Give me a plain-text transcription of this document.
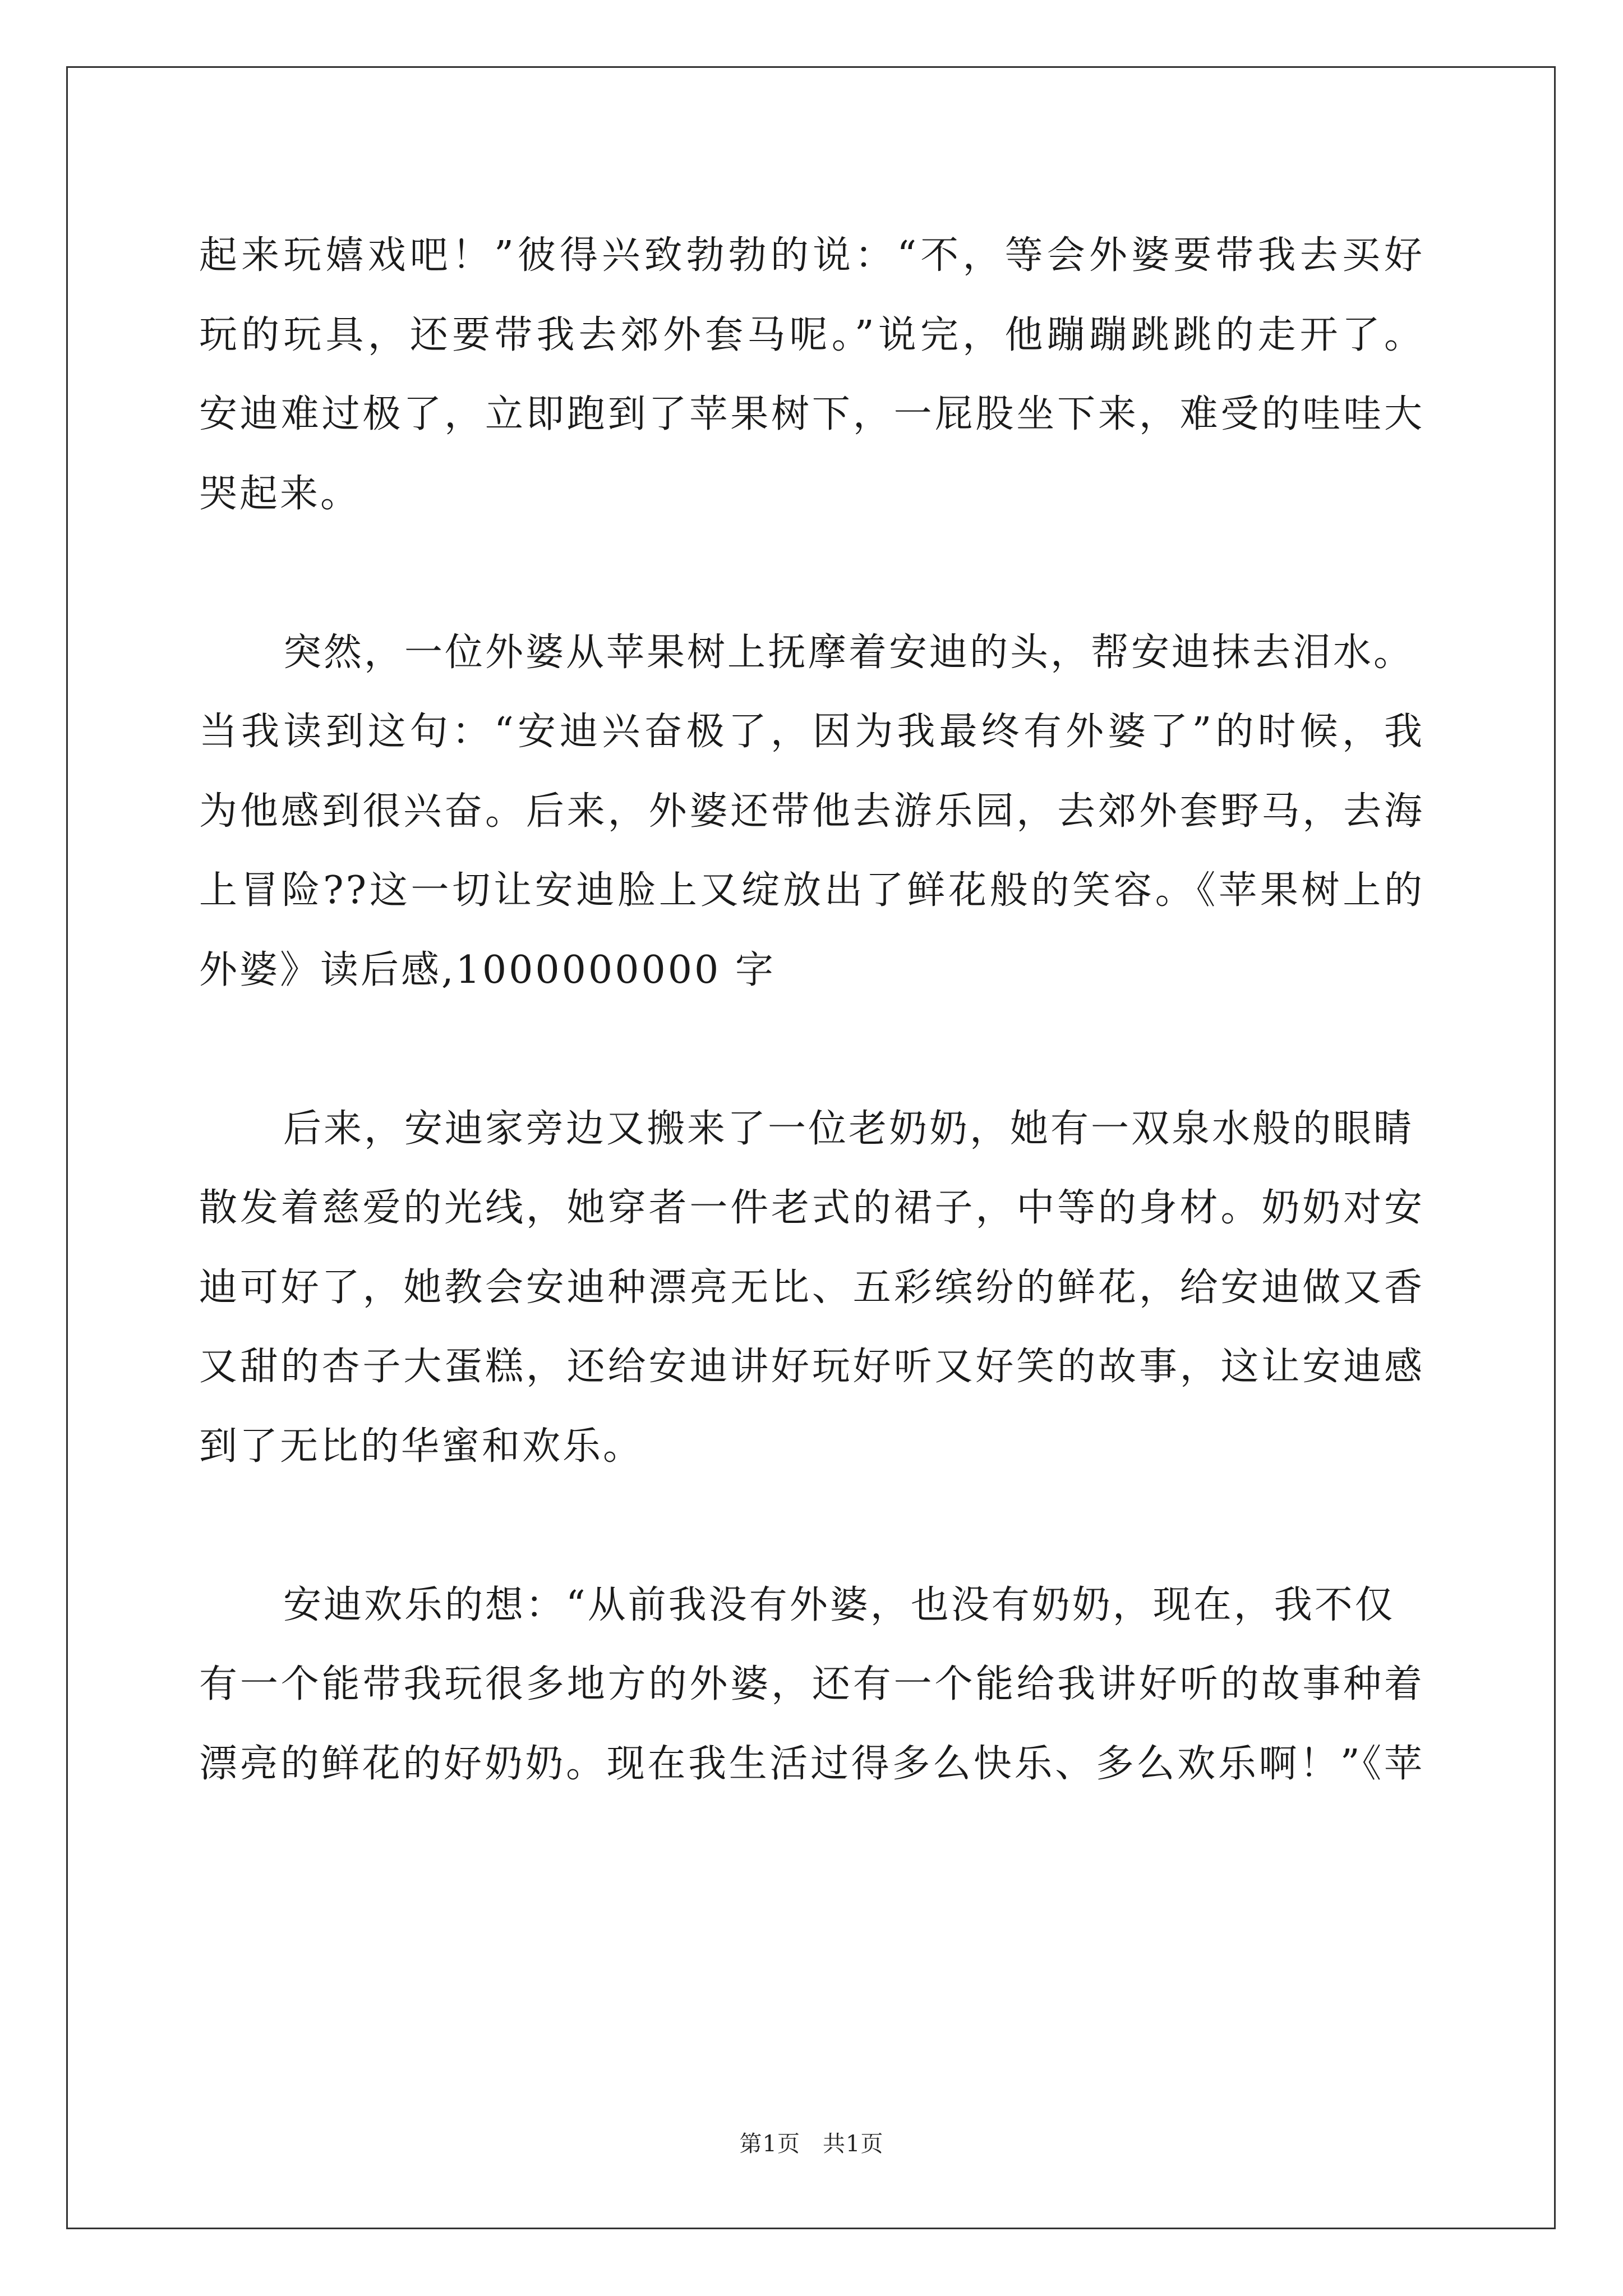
起来玩嬉戏吧！”彼得兴致勃勃的说：“不，等会外婆要带我去买好
玩的玩具，还要带我去郊外套马呢。”说完，他蹦蹦跳跳的走开了。
安迪难过极了，立即跑到了苹果树下，一屁股坐下来，难受的哇哇大
哭起来。
突然，一位外婆从苹果树上抚摩着安迪的头，帮安迪抹去泪水。
当我读到这句：“安迪兴奋极了，因为我最终有外婆了”的时候，我
为他感到很兴奋。后来，外婆还带他去游乐园，去郊外套野马，去海
上冒险??这一切让安迪脸上又绽放出了鲜花般的笑容。《苹果树上的
外婆》读后感,1000000000 字
后来，安迪家旁边又搬来了一位老奶奶，她有一双泉水般的眼睛
散发着慈爱的光线，她穿者一件老式的裙子，中等的身材。奶奶对安
迪可好了，她教会安迪种漂亮无比、五彩缤纷的鲜花，给安迪做又香
又甜的杏子大蛋糕，还给安迪讲好玩好听又好笑的故事，这让安迪感
到了无比的华蜜和欢乐。
安迪欢乐的想：“从前我没有外婆，也没有奶奶，现在，我不仅
有一个能带我玩很多地方的外婆，还有一个能给我讲好听的故事种着
漂亮的鲜花的好奶奶。现在我生活过得多么快乐、多么欢乐啊！”《苹
第1页 共1页
